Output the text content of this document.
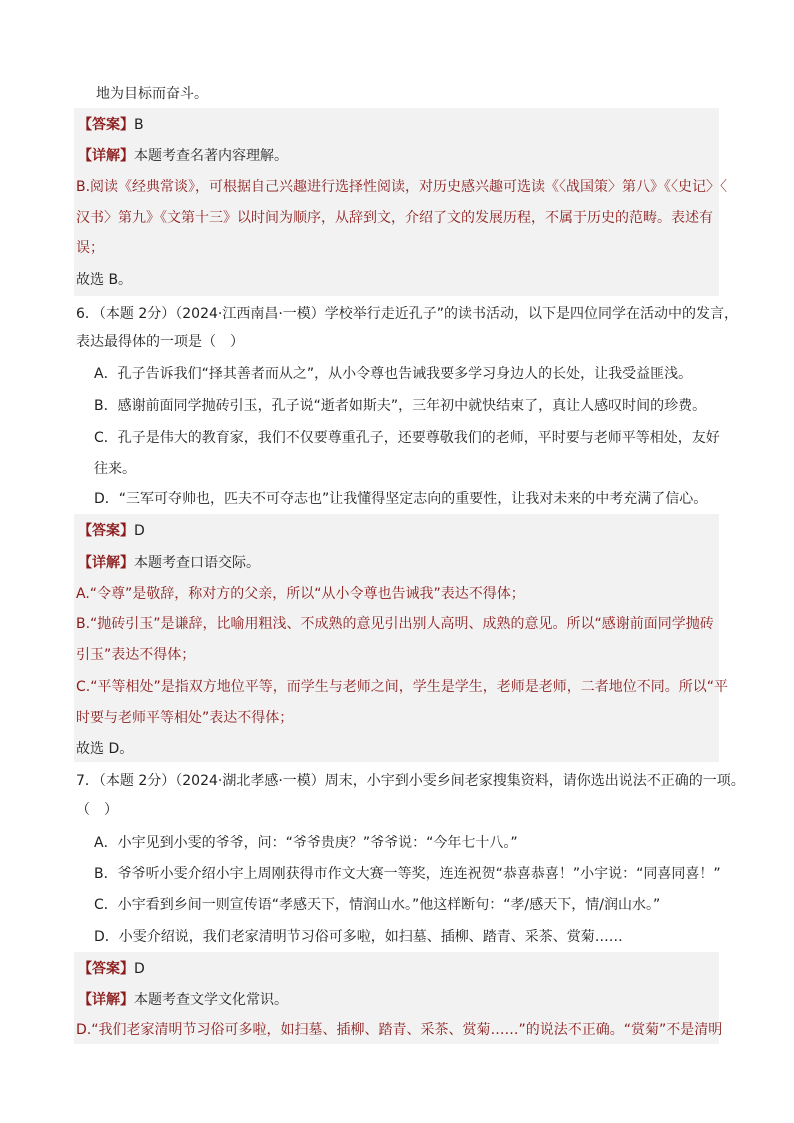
地为目标而奋斗。
【答案】B
【详解】本题考查名著内容理解。
B.阅读《经典常谈》，可根据自己兴趣进行选择性阅读，对历史感兴趣可选读《〈战国策〉第八》《〈史记〉〈
汉书〉第九》《文第十三》以时间为顺序，从辞到文，介绍了文的发展历程，不属于历史的范畴。表述有
误；
故选 B。
6．（本题 2分）（2024·江西南昌·一模）学校举行走近孔子”的读书活动，以下是四位同学在活动中的发言，
表达最得体的一项是（　）
A．孔子告诉我们“择其善者而从之”，从小令尊也告诫我要多学习身边人的长处，让我受益匪浅。
B．感谢前面同学抛砖引玉，孔子说“逝者如斯夫”，三年初中就快结束了，真让人感叹时间的珍费。
C．孔子是伟大的教育家，我们不仅要尊重孔子，还要尊敬我们的老师，平时要与老师平等相处，友好
往来。
D．“三军可夺帅也，匹夫不可夺志也”让我懂得坚定志向的重要性，让我对未来的中考充满了信心。
【答案】D
【详解】本题考查口语交际。
A.“令尊”是敬辞，称对方的父亲，所以“从小令尊也告诫我”表达不得体；
B.“抛砖引玉”是谦辞，比喻用粗浅、不成熟的意见引出别人高明、成熟的意见。所以“感谢前面同学抛砖
引玉”表达不得体；
C.“平等相处”是指双方地位平等，而学生与老师之间，学生是学生，老师是老师，二者地位不同。所以“平
时要与老师平等相处”表达不得体；
故选 D。
7．（本题 2分）（2024·湖北孝感·一模）周末，小宇到小雯乡间老家搜集资料，请你选出说法不正确的一项。
（　）
A．小宇见到小雯的爷爷，问：“爷爷贵庚？”爷爷说：“今年七十八。”
B．爷爷听小雯介绍小宇上周刚获得市作文大赛一等奖，连连祝贺“恭喜恭喜！”小宇说：“同喜同喜！”
C．小宇看到乡间一则宣传语“孝感天下，情润山水。”他这样断句：“孝/感天下，情/润山水。”
D．小雯介绍说，我们老家清明节习俗可多啦，如扫墓、插柳、踏青、采茶、赏菊……
【答案】D
【详解】本题考查文学文化常识。
D.“我们老家清明节习俗可多啦，如扫墓、插柳、踏青、采茶、赏菊……”的说法不正确。“赏菊”不是清明
